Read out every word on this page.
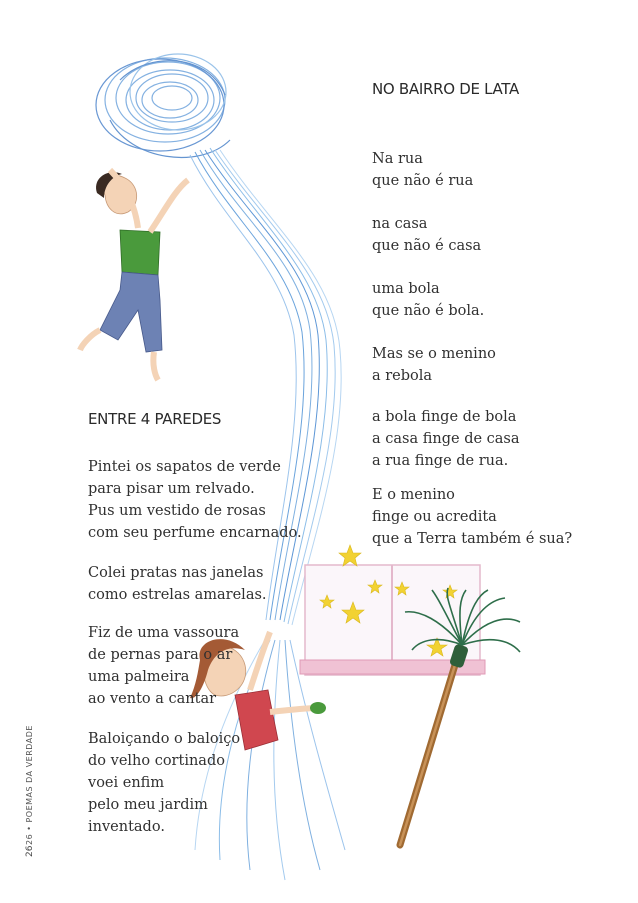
NO BAIRRO DE LATA
Na rua
que não é rua
na casa
que não é casa
uma bola
que não é bola.
Mas se o menino
a rebola
a bola finge de bola
a casa finge de casa
a rua finge de rua.
E o menino
finge ou acredita
que a Terra também é sua?
ENTRE 4 PAREDES
Pintei os sapatos de verde
para pisar um relvado.
Pus um vestido de rosas
com seu perfume encarnado.
Colei pratas nas janelas
como estrelas amarelas.
Fiz de uma vassoura
de pernas para o ar
uma palmeira
ao vento a cantar
Baloiçando o baloiço
do velho cortinado
voei enfim
pelo meu jardim
inventado.
26 • POEMAS DA VERDADE
26
